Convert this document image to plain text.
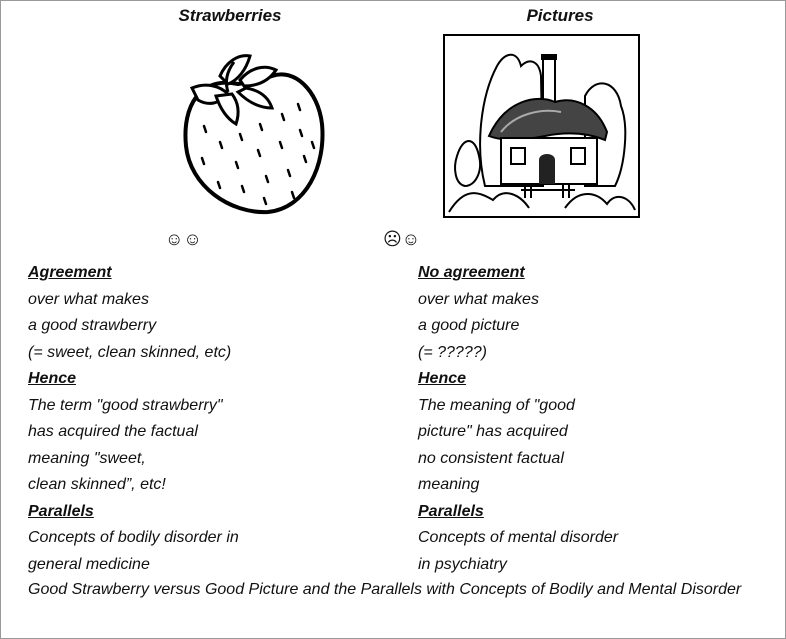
Strawberries	Pictures
☺☺	☹☺
Agreement
over what makes
a good strawberry
(= sweet, clean skinned, etc)
Hence
The term "good strawberry"
has acquired the factual
meaning "sweet,
clean skinned”, etc!
Parallels
Concepts of bodily disorder in
general medicine
No agreement
over what makes
a good picture
(= ?????)
Hence
The meaning of "good
picture" has acquired
no consistent factual
meaning
Parallels
Concepts of mental disorder
in psychiatry
Good Strawberry versus Good Picture and the Parallels with Concepts of Bodily and Mental Disorder
